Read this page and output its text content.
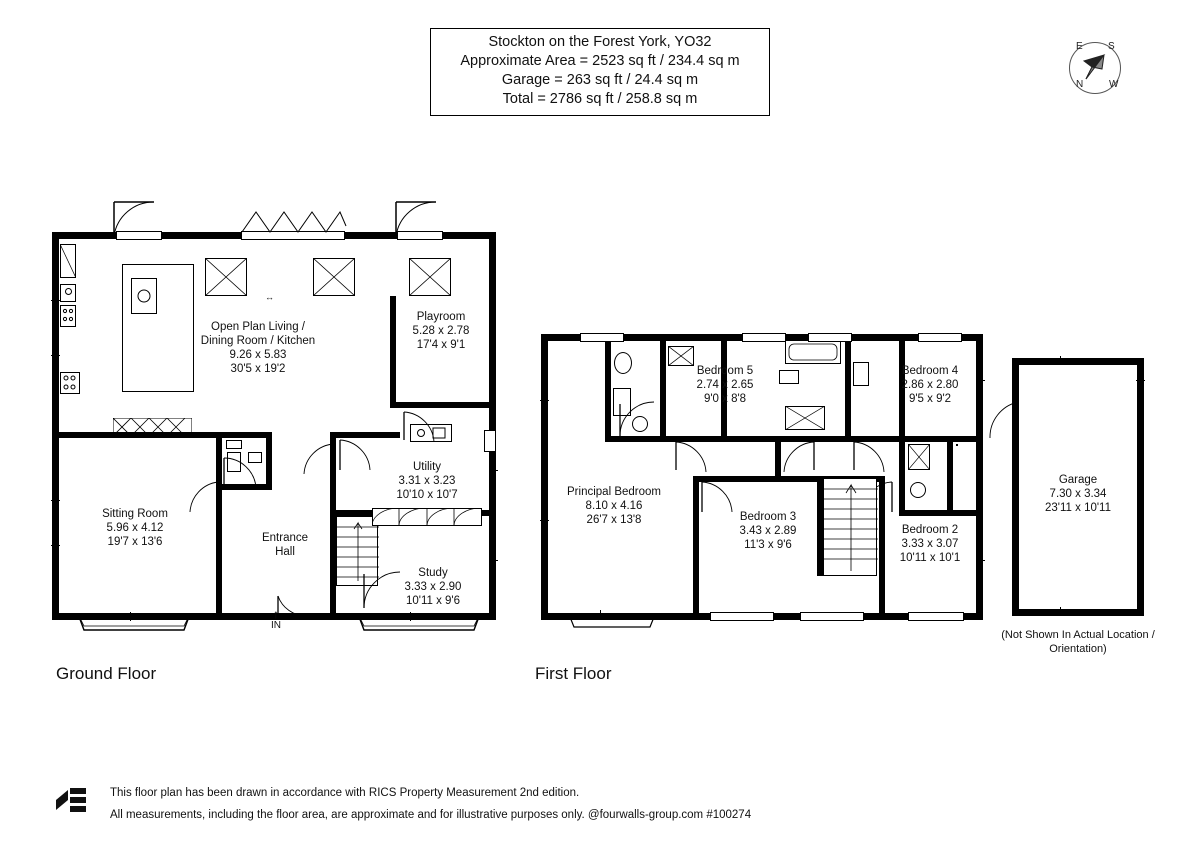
Stockton on the Forest York, YO32
Approximate Area = 2523 sq ft / 234.4 sq m
Garage = 263 sq ft / 24.4 sq m
Total = 2786 sq ft / 258.8 sq m
N
E	S
W
↔
↑
IN
Open Plan Living /
Dining Room / Kitchen
9.26 x 5.83
30'5 x 19'2
Playroom
5.28 x 2.78
17'4 x 9'1
Sitting Room
5.96 x 4.12
19'7 x 13'6	Entrance
Hall
Utility
3.31 x 3.23
10'10 x 10'7
Study
3.33 x 2.90
10'11 x 9'6
Ground Floor
Bedroom 5
2.74 x 2.65
9'0 x 8'8
Bedroom 4
2.86 x 2.80
9'5 x 9'2
Principal Bedroom
8.10 x 4.16
26'7 x 13'8	Bedroom 3
3.43 x 2.89
11'3 x 9'6
Bedroom 2
3.33 x 3.07
10'11 x 10'1
First Floor
Garage
7.30 x 3.34
23'11 x 10'11
(Not Shown In Actual Location / Orientation)
This floor plan has been drawn in accordance with RICS Property Measurement 2nd edition.
All measurements, including the floor area, are approximate and for illustrative purposes only. @fourwalls-group.com #100274
